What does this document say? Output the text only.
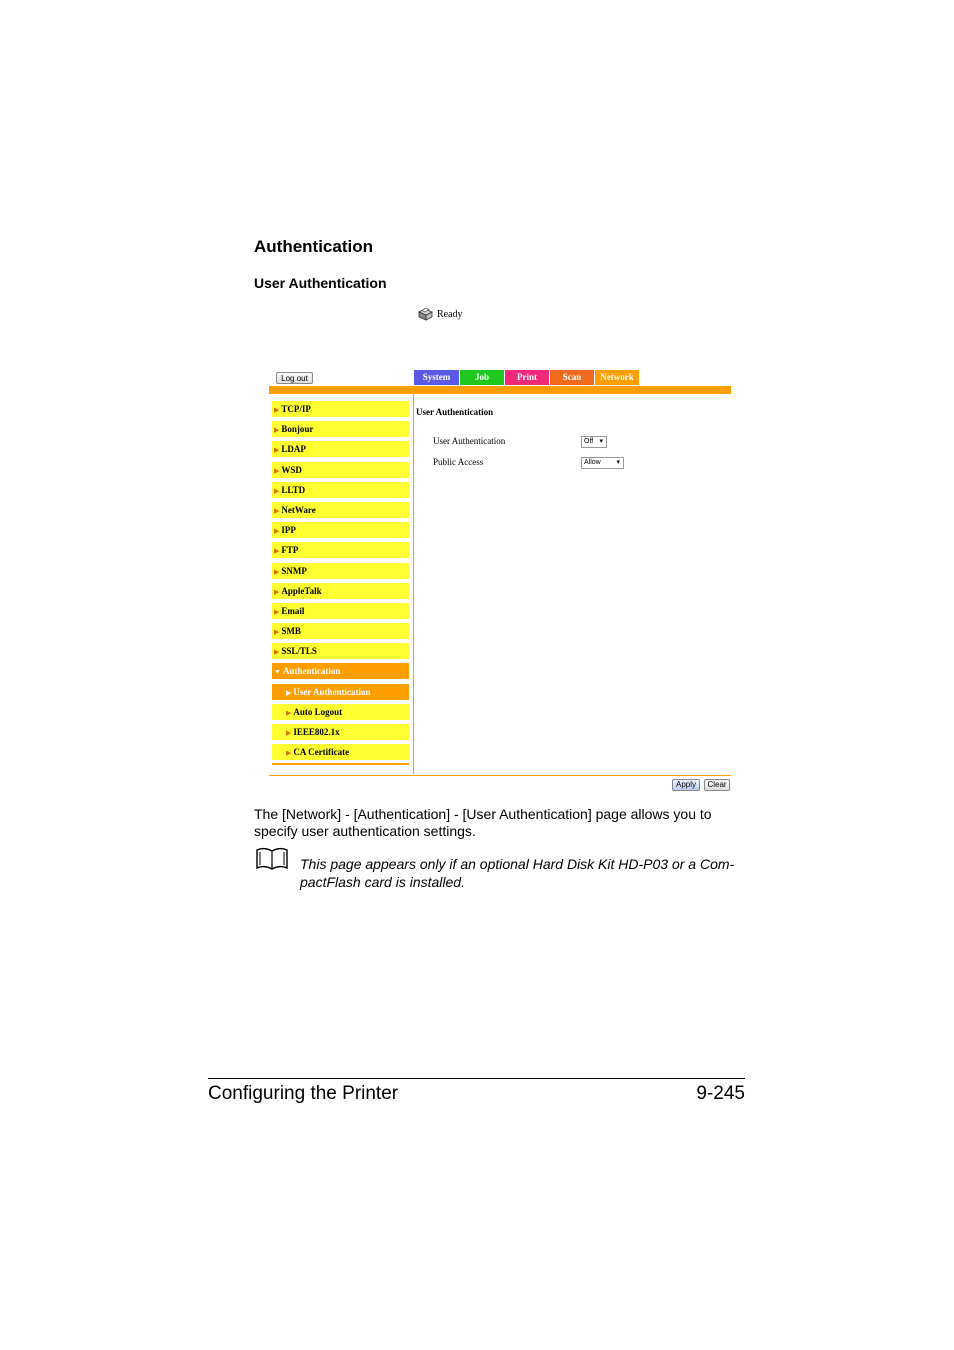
Authentication
User Authentication
Ready
Log out	System	Job	Print	Scan	Network
▶ TCP/IP
▶ Bonjour
▶ LDAP
▶ WSD
▶ LLTD
▶ NetWare
▶ IPP
▶ FTP
▶ SNMP
▶ AppleTalk
▶ Email
▶ SMB
▶ SSL/TLS
▼ Authentication
▶ User Authentication
▶ Auto Logout
▶ IEEE802.1x
▶ CA Certificate
User Authentication
User Authentication	Off ▾
Public Access	Allow ▾
Apply	Clear
The [Network] - [Authentication] - [User Authentication] page allows you to specify user authentication settings.
This page appears only if an optional Hard Disk Kit HD-P03 or a Com-pactFlash card is installed.
Configuring the Printer	9-245
